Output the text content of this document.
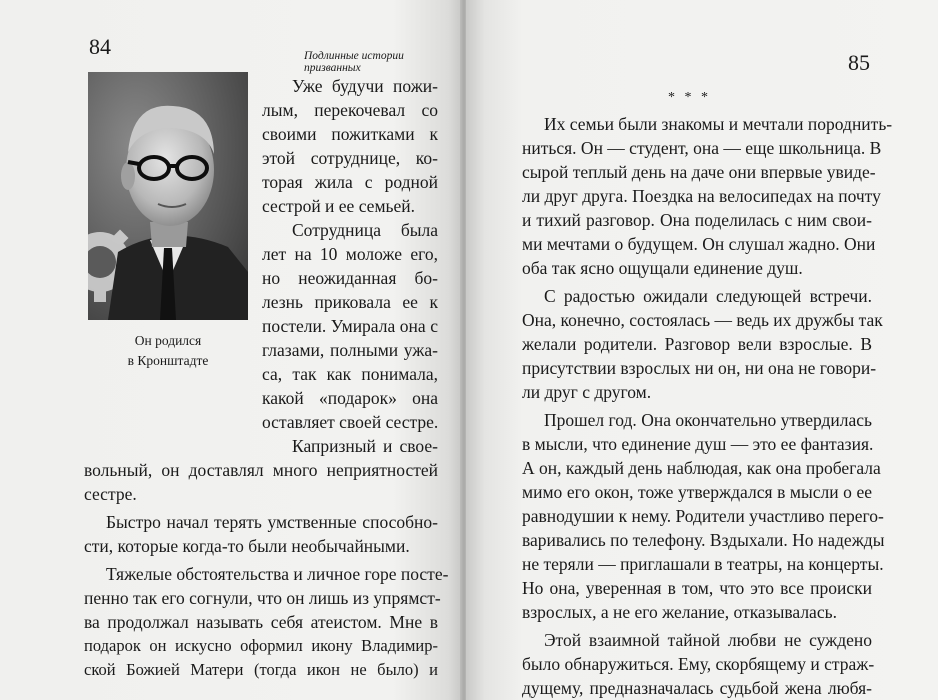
84	Подлинные истории призванных
Он родился
в Кронштадте
Уже будучи пожи-
лым, перекочевал со
своими пожитками к
этой сотруднице, ко-
торая жила с родной
сестрой и ее семьей.
Сотрудница была
лет на 10 моложе его,
но неожиданная бо-
лезнь приковала ее к
постели. Умирала она с
глазами, полными ужа-
са, так как понимала,
какой «подарок» она
оставляет своей сестре.
Капризный и свое-
вольный, он доставлял много неприятностей
сестре.
Быстро начал терять умственные способно-
сти, которые когда-то были необычайными.
Тяжелые обстоятельства и личное горе посте-
пенно так его согнули, что он лишь из упрямст-
ва продолжал называть себя атеистом. Мне в
подарок он искусно оформил икону Владимир-
ской Божией Матери (тогда икон не было) и
85
* * *
Их семьи были знакомы и мечтали породнить-
ниться. Он — студент, она — еще школьница. В
сырой теплый день на даче они впервые увиде-
ли друг друга. Поездка на велосипедах на почту
и тихий разговор. Она поделилась с ним свои-
ми мечтами о будущем. Он слушал жадно. Они
оба так ясно ощущали единение душ.
С радостью ожидали следующей встречи.
Она, конечно, состоялась — ведь их дружбы так
желали родители. Разговор вели взрослые. В
присутствии взрослых ни он, ни она не говори-
ли друг с другом.
Прошел год. Она окончательно утвердилась
в мысли, что единение душ — это ее фантазия.
А он, каждый день наблюдая, как она пробегала
мимо его окон, тоже утверждался в мысли о ее
равнодушии к нему. Родители участливо перего-
варивались по телефону. Вздыхали. Но надежды
не теряли — приглашали в театры, на концерты.
Но она, уверенная в том, что это все происки
взрослых, а не его желание, отказывалась.
Этой взаимной тайной любви не суждено
было обнаружиться. Ему, скорбящему и страж-
дущему, предназначалась судьбой жена любя-
